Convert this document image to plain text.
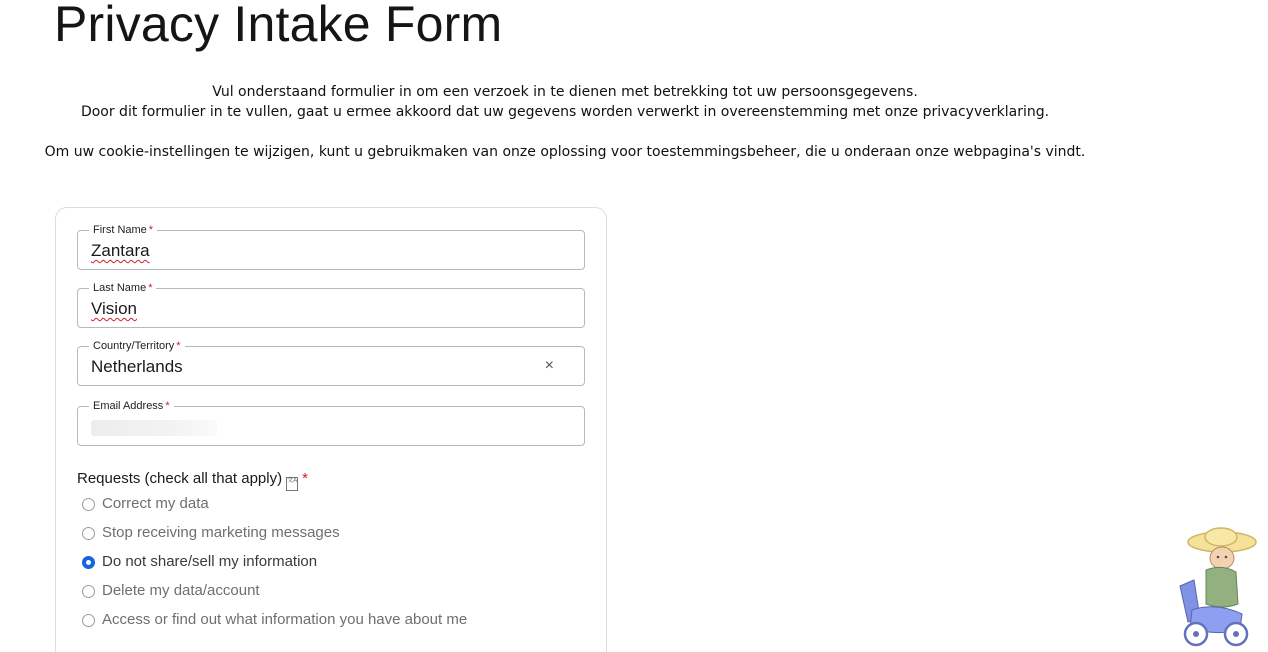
Privacy Intake Form

Vul onderstaand formulier in om een verzoek in te dienen met betrekking tot uw persoonsgegevens.

Door dit formulier in te vullen, gaat u ermee akkoord dat uw gegevens worden verwerkt in overeenstemming met onze privacyverklaring.

Om uw cookie-instellingen te wijzigen, kunt u gebruikmaken van onze oplossing voor toestemmingsbeheer, die u onderaan onze webpagina's vindt.

First Name *
Zantara
Last Name *
Vision
Country/Territory *
Netherlands	×
Email Address *
Requests (check all that apply) 文A *
Correct my data
Stop receiving marketing messages
Do not share/sell my information
Delete my data/account
Access or find out what information you have about me
